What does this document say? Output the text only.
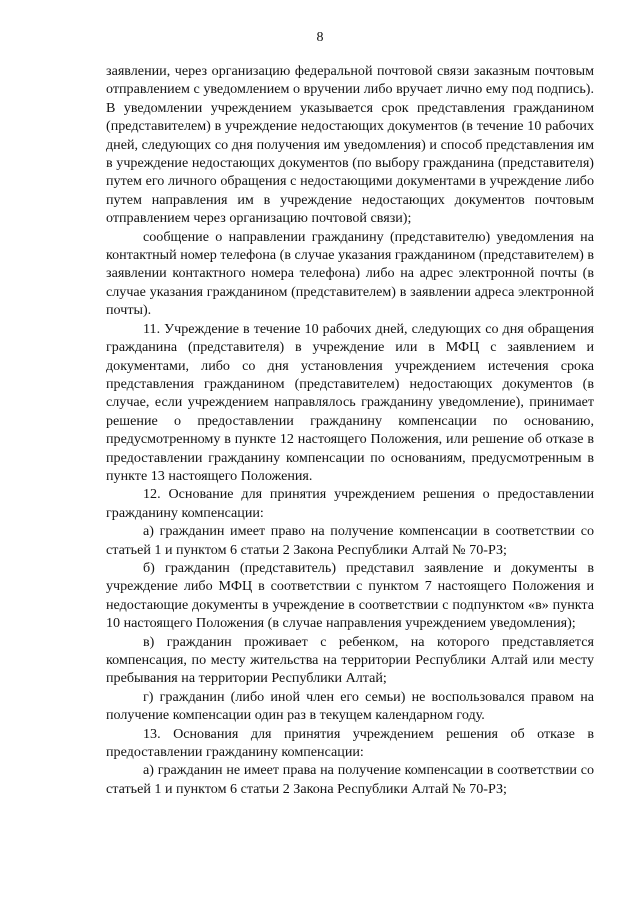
8

заявлении, через организацию федеральной почтовой связи заказным почтовым отправлением с уведомлением о вручении либо вручает лично ему под подпись). В уведомлении учреждением указывается срок представления гражданином (представителем) в учреждение недостающих документов (в течение 10 рабочих дней, следующих со дня получения им уведомления) и способ представления им в учреждение недостающих документов (по выбору гражданина (представителя) путем его личного обращения с недостающими документами в учреждение либо путем направления им в учреждение недостающих документов почтовым отправлением через организацию почтовой связи);

сообщение о направлении гражданину (представителю) уведомления на контактный номер телефона (в случае указания гражданином (представителем) в заявлении контактного номера телефона) либо на адрес электронной почты (в случае указания гражданином (представителем) в заявлении адреса электронной почты).

11. Учреждение в течение 10 рабочих дней, следующих со дня обращения гражданина (представителя) в учреждение или в МФЦ с заявлением и документами, либо со дня установления учреждением истечения срока представления гражданином (представителем) недостающих документов (в случае, если учреждением направлялось гражданину уведомление), принимает решение о предоставлении гражданину компенсации по основанию, предусмотренному в пункте 12 настоящего Положения, или решение об отказе в предоставлении гражданину компенсации по основаниям, предусмотренным в пункте 13 настоящего Положения.

12. Основание для принятия учреждением решения о предоставлении гражданину компенсации:

а) гражданин имеет право на получение компенсации в соответствии со статьей 1 и пунктом 6 статьи 2 Закона Республики Алтай № 70-РЗ;

б) гражданин (представитель) представил заявление и документы в учреждение либо МФЦ в соответствии с пунктом 7 настоящего Положения и недостающие документы в учреждение в соответствии с подпунктом «в» пункта 10 настоящего Положения (в случае направления учреждением уведомления);

в) гражданин проживает с ребенком, на которого представляется компенсация, по месту жительства на территории Республики Алтай или месту пребывания на территории Республики Алтай;

г) гражданин (либо иной член его семьи) не воспользовался правом на получение компенсации один раз в текущем календарном году.

13. Основания для принятия учреждением решения об отказе в предоставлении гражданину компенсации:

а) гражданин не имеет права на получение компенсации в соответствии со статьей 1 и пунктом 6 статьи 2 Закона Республики Алтай № 70-РЗ;
